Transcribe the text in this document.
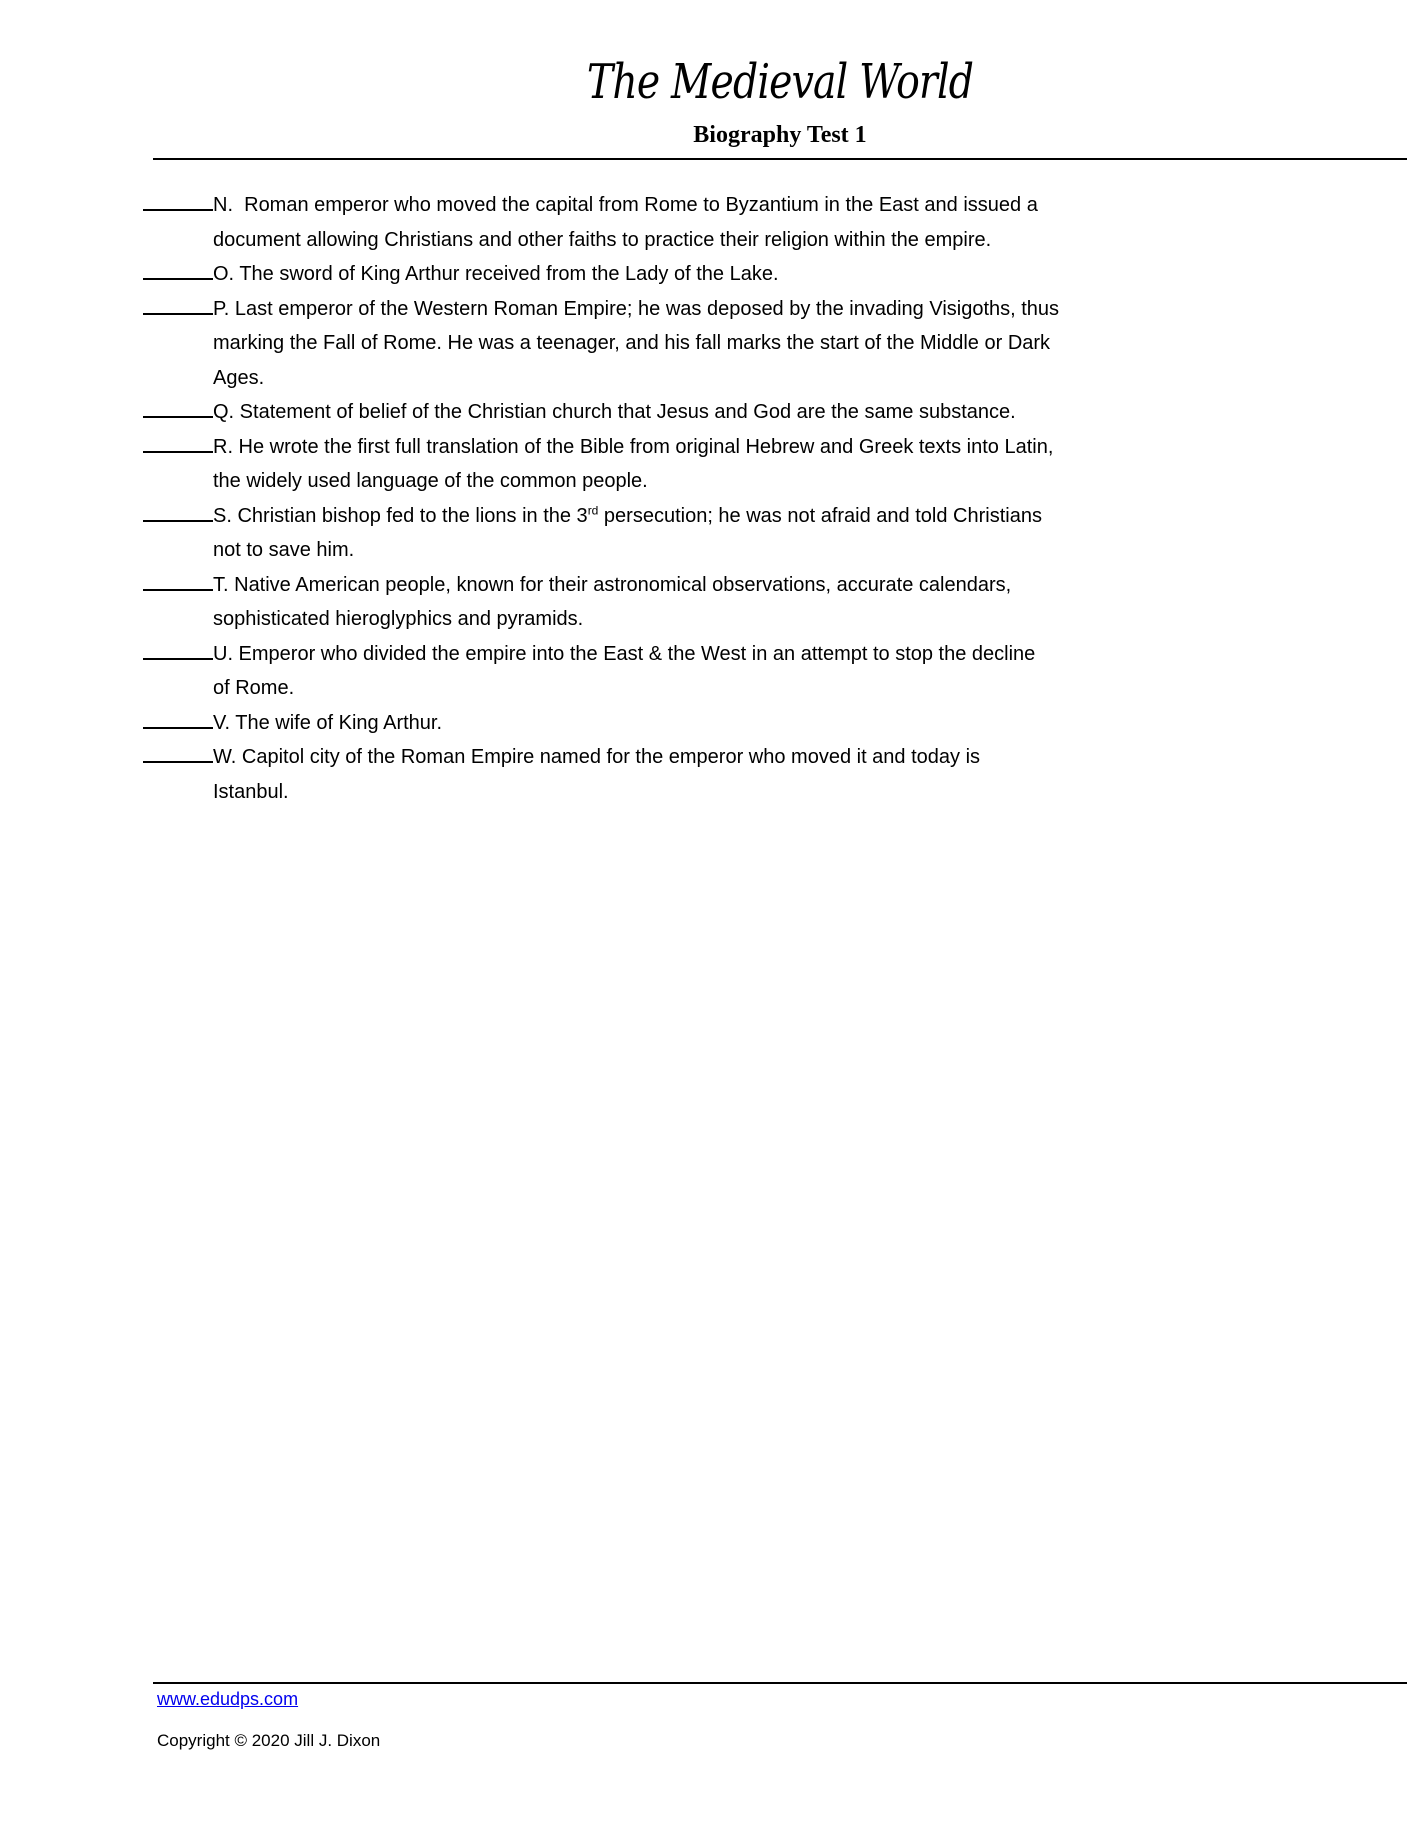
The Medieval World
Biography Test 1
N.  Roman emperor who moved the capital from Rome to Byzantium in the East and issued a
document allowing Christians and other faiths to practice their religion within the empire.
O. The sword of King Arthur received from the Lady of the Lake.
P. Last emperor of the Western Roman Empire; he was deposed by the invading Visigoths, thus
marking the Fall of Rome. He was a teenager, and his fall marks the start of the Middle or Dark
Ages.
Q. Statement of belief of the Christian church that Jesus and God are the same substance.
R. He wrote the first full translation of the Bible from original Hebrew and Greek texts into Latin,
the widely used language of the common people.
S. Christian bishop fed to the lions in the 3rd persecution; he was not afraid and told Christians
not to save him.
T. Native American people, known for their astronomical observations, accurate calendars,
sophisticated hieroglyphics and pyramids.
U. Emperor who divided the empire into the East & the West in an attempt to stop the decline
of Rome.
V. The wife of King Arthur.
W. Capitol city of the Roman Empire named for the emperor who moved it and today is
Istanbul.
www.edudps.com
Copyright © 2020 Jill J. Dixon
